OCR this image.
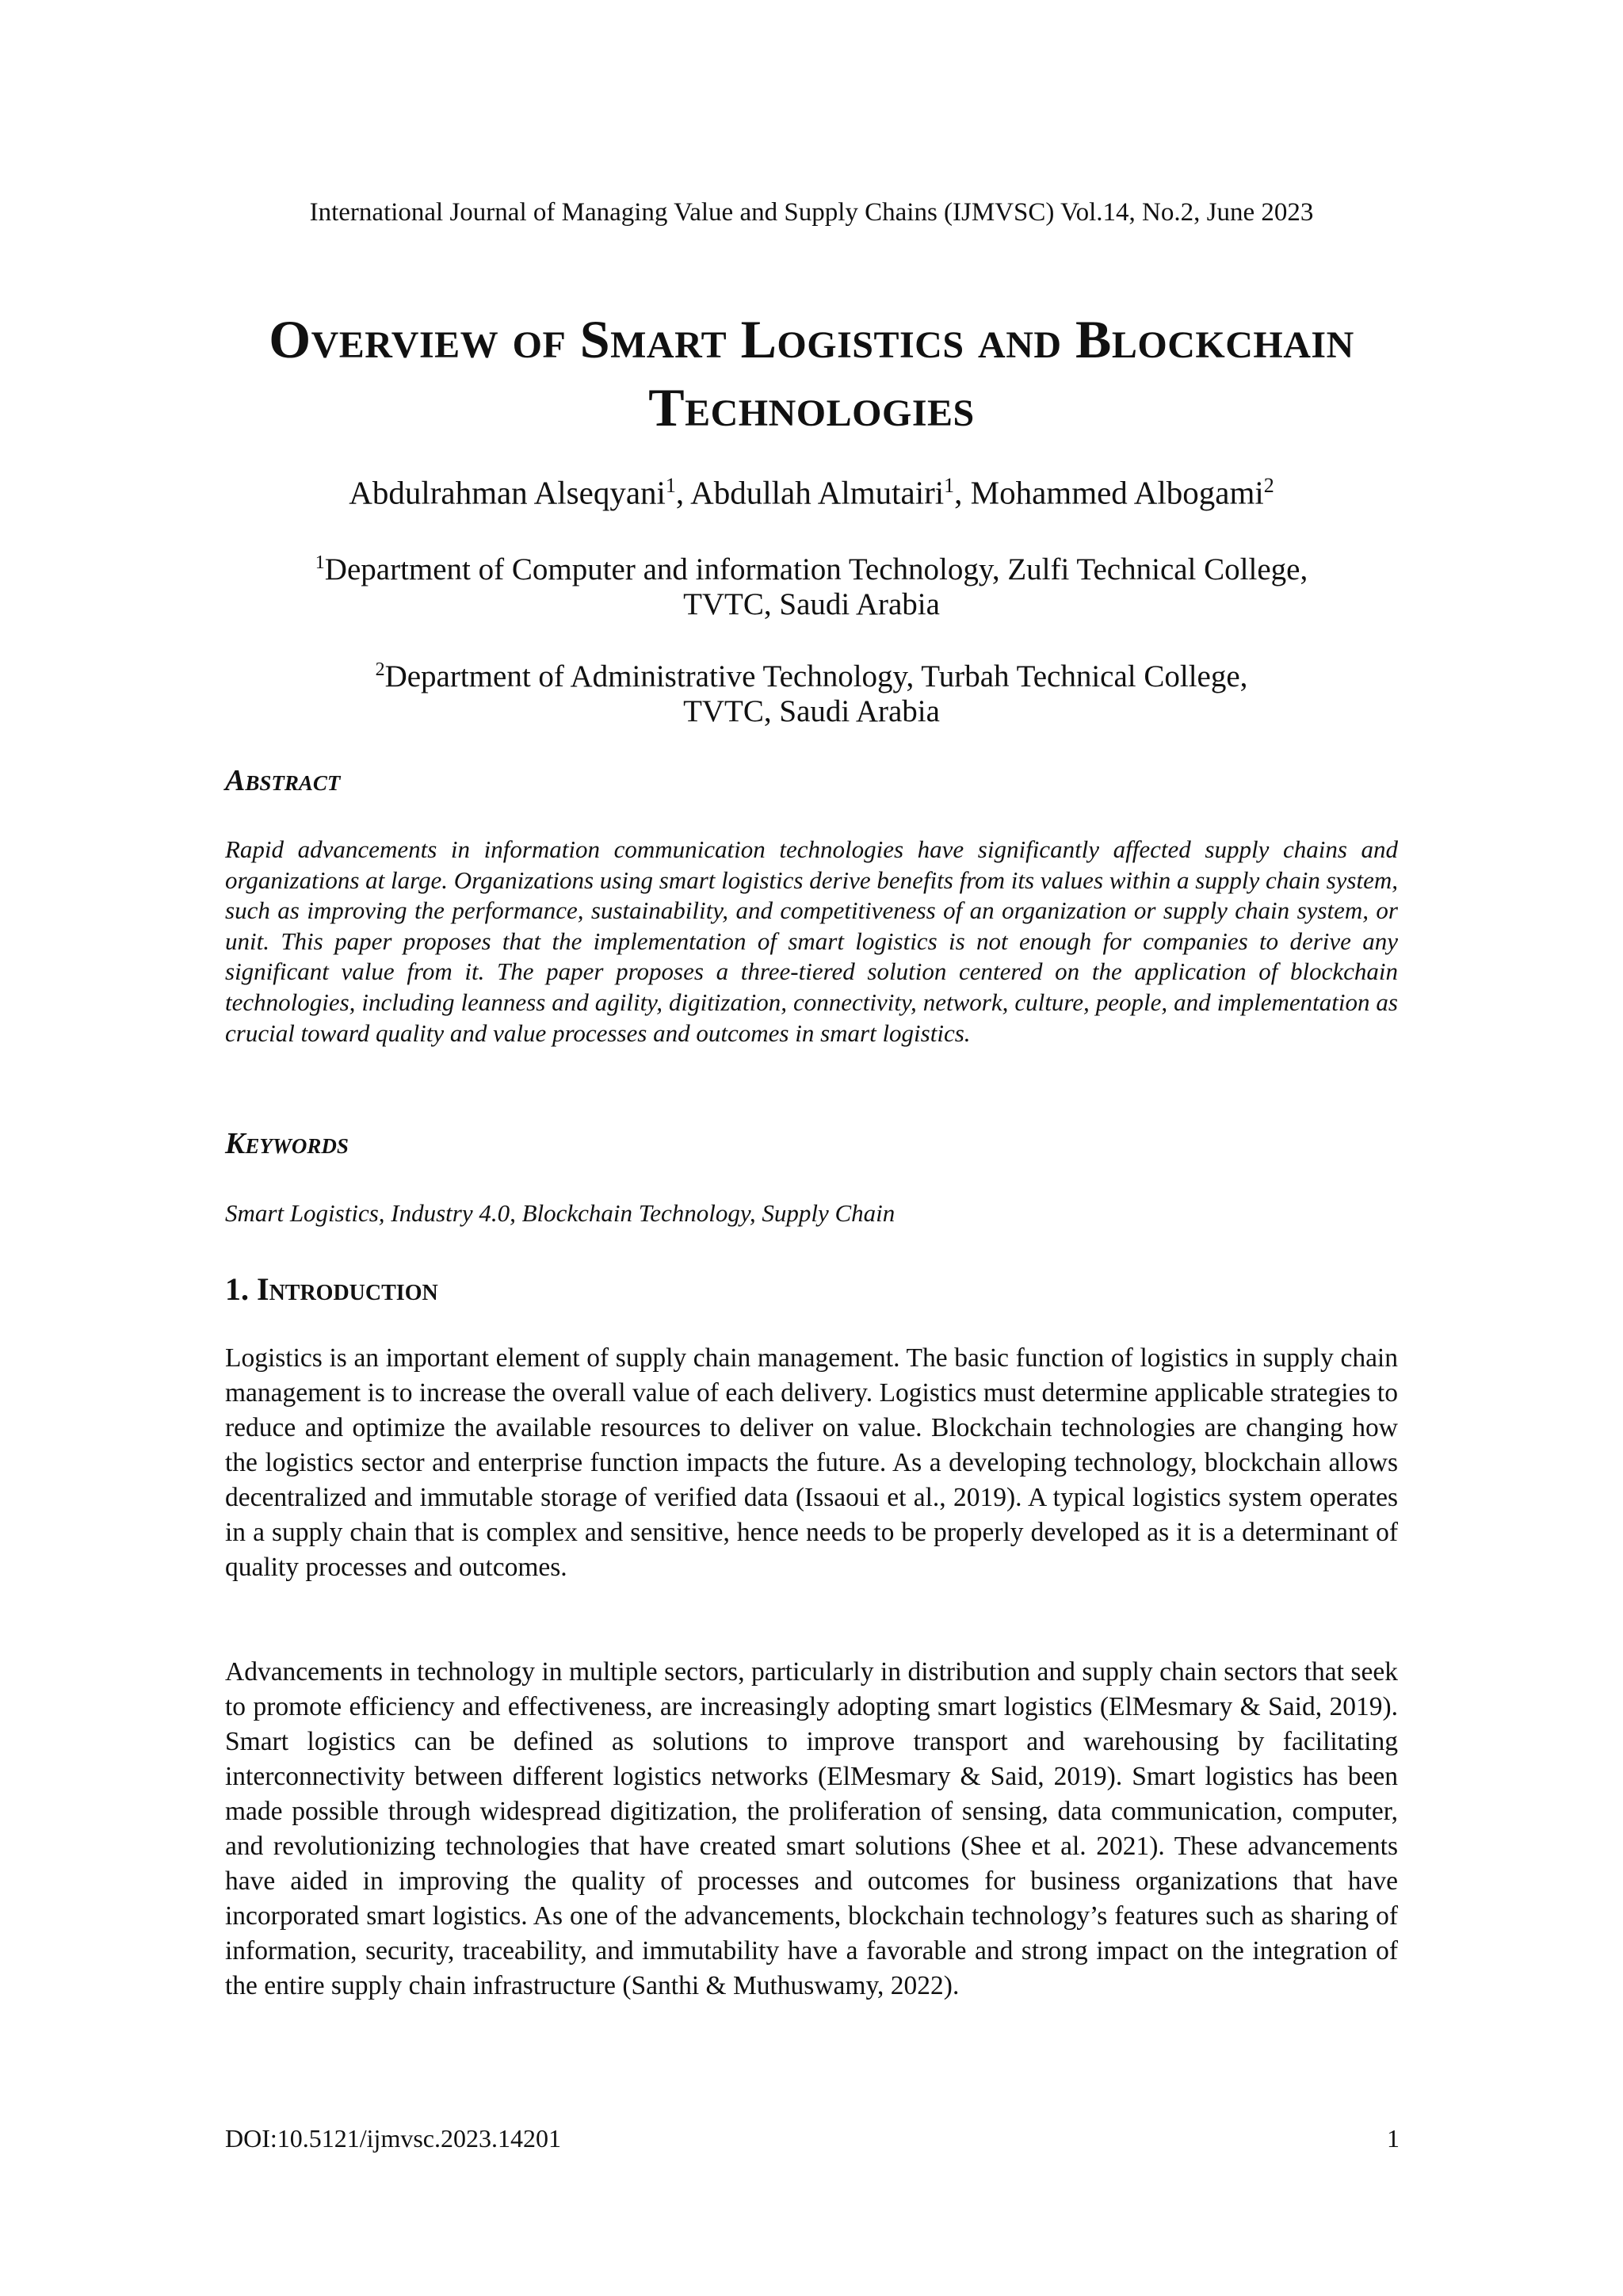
International Journal of Managing Value and Supply Chains (IJMVSC) Vol.14, No.2, June 2023
Overview of Smart Logistics and Blockchain
Technologies
Abdulrahman Alseqyani$^1$, Abdullah Almutairi$^1$, Mohammed Albogami$^2$
$^1$Department of Computer and information Technology, Zulfi Technical College,
TVTC, Saudi Arabia
$^2$Department of Administrative Technology, Turbah Technical College,
TVTC, Saudi Arabia
Abstract
Rapid advancements in information communication technologies have significantly affected supply chains and organizations at large. Organizations using smart logistics derive benefits from its values within a supply chain system, such as improving the performance, sustainability, and competitiveness of an organization or supply chain system, or unit. This paper proposes that the implementation of smart logistics is not enough for companies to derive any significant value from it. The paper proposes a three-tiered solution centered on the application of blockchain technologies, including leanness and agility, digitization, connectivity, network, culture, people, and implementation as crucial toward quality and value processes and outcomes in smart logistics.
Keywords
Smart Logistics, Industry 4.0, Blockchain Technology, Supply Chain
1. Introduction
Logistics is an important element of supply chain management. The basic function of logistics in supply chain management is to increase the overall value of each delivery. Logistics must determine applicable strategies to reduce and optimize the available resources to deliver on value. Blockchain technologies are changing how the logistics sector and enterprise function impacts the future. As a developing technology, blockchain allows decentralized and immutable storage of verified data (Issaoui et al., 2019). A typical logistics system operates in a supply chain that is complex and sensitive, hence needs to be properly developed as it is a determinant of quality processes and outcomes.
Advancements in technology in multiple sectors, particularly in distribution and supply chain sectors that seek to promote efficiency and effectiveness, are increasingly adopting smart logistics (ElMesmary & Said, 2019). Smart logistics can be defined as solutions to improve transport and warehousing by facilitating interconnectivity between different logistics networks (ElMesmary & Said, 2019). Smart logistics has been made possible through widespread digitization, the proliferation of sensing, data communication, computer, and revolutionizing technologies that have created smart solutions (Shee et al. 2021). These advancements have aided in improving the quality of processes and outcomes for business organizations that have incorporated smart logistics. As one of the advancements, blockchain technology’s features such as sharing of information, security, traceability, and immutability have a favorable and strong impact on the integration of the entire supply chain infrastructure (Santhi & Muthuswamy, 2022).
DOI:10.5121/ijmvsc.2023.14201	1
